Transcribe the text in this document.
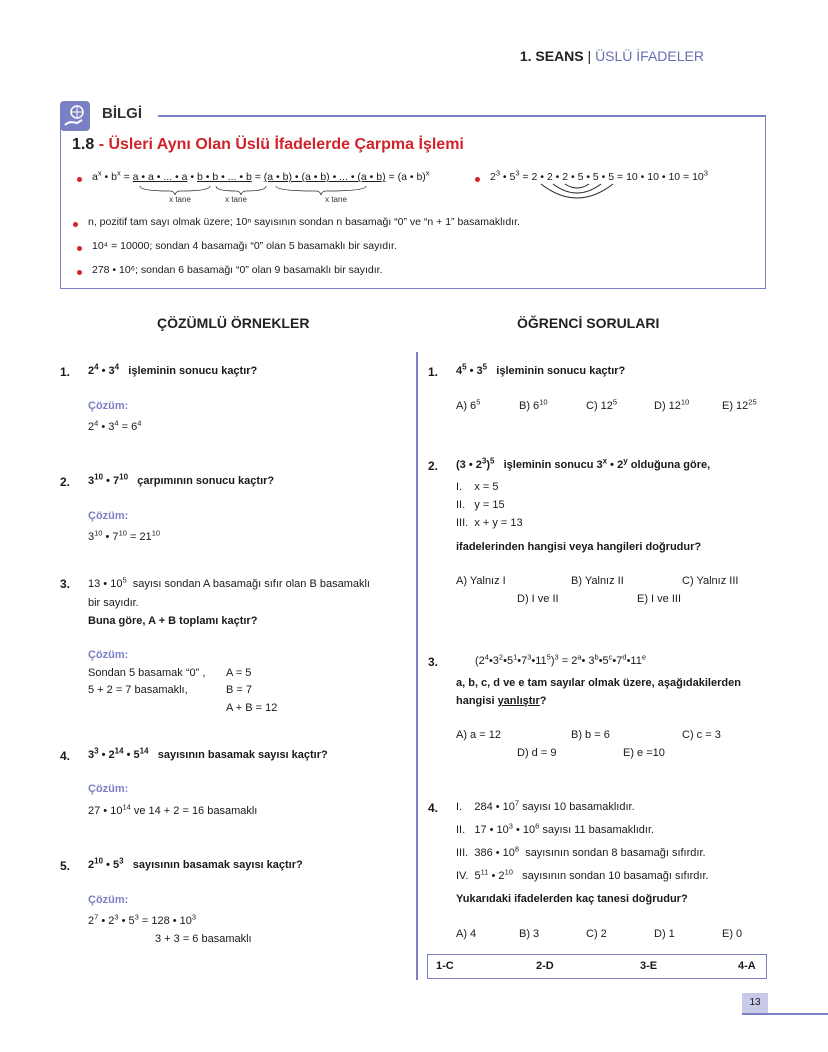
1. SEANS | ÜSLÜ İFADELER
BİLGİ
1.8 - Üsleri Aynı Olan Üslü İfadelerde Çarpma İşlemi
$a^x$ • $b^x = a$ • a • ... • a • b • b • ... • b = (a • b) • (a • b) • ... • (a • b) = (a • b)$^x$
x tane	x tane	x tane
$2^3$ • $5^3 = 2$ • 2 • 2 • 5 • 5 • 5 = 10 • 10 • $10 = 10^3$
n, pozitif tam sayı olmak üzere; 10ⁿ sayısının sondan n basamağı “0” ve “n + 1” basamaklıdır.
10⁴ = 10000; sondan 4 basamağı “0” olan 5 basamaklı bir sayıdır.
278 • 10⁶; sondan 6 basamağı “0” olan 9 basamaklı bir sayıdır.
ÇÖZÜMLÜ ÖRNEKLER	ÖĞRENCİ SORULARI
1. $2^4$ • $3^4$ işleminin sonucu kaçtır?
Çözüm:
$2^4$ • $3^4 = 6^4$
2. $3^{10}$ • $7^{10}$ çarpımının sonucu kaçtır?
Çözüm:
$3^{10}$ • $7^{10} = 21^{10}$
3. 13 • $10^5$ sayısı sondan A basamağı sıfır olan B basamaklı
bir sayıdır.
Buna göre, A + B toplamı kaçtır?
Çözüm:
Sondan 5 basamak “0” , A = 5
5 + 2 = 7 basamaklı,	B = 7
A + B = 12
4. $3^3$ • $2^{14}$ • $5^{14}$ sayısının basamak sayısı kaçtır?
Çözüm:
27 • $10^{14}$ ve 14 + 2 = 16 basamaklı
5. $2^{10}$ • $5^3$ sayısının basamak sayısı kaçtır?
Çözüm:
$2^7$ • $2^3$ • $5^3 = 128$ • $10^3$
3 + 3 = 6 basamaklı
1. $4^5$ • $3^5$ işleminin sonucu kaçtır?
A) $6^5$	B) $6^{10}$	C) $12^5$	D) $12^{10}$	E) $12^{25}$
2. (3 • $2^3)^5$ işleminin sonucu 3$^x$ • 2$^y$ olduğuna göre,
I.    x = 5
II.   y = 15
III.  x + y = 13
ifadelerinden hangisi veya hangileri doğrudur?
A) Yalnız I	B) Yalnız II	C) Yalnız III
D) I ve II	E) I ve III
3.	$(2^4•3^2•5^1•7^3•11^5)^3$ = $2^a•$ 3$^b$•5$^c$•7$^d$•11e
a, b, c, d ve e tam sayılar olmak üzere, aşağıdakilerden
hangisi yanlıştır?
A) a = 12	B) b = 6	C) c = 3
D) d = 9	E) e =10
4. I.    284 • $10^7$ sayısı 10 basamaklıdır.
II.   17 • $10^3$ • $10^6$ sayısı 11 basamaklıdır.
III.  386 • $10^8$ sayısının sondan 8 basamağı sıfırdır.
IV.  $5^{11}$ • $2^{10}$ sayısının sondan 10 basamağı sıfırdır.
Yukarıdaki ifadelerden kaç tanesi doğrudur?
A) 4	B) 3	C) 2	D) 1	E) 0
1-C	2-D	3-E	4-A
13
